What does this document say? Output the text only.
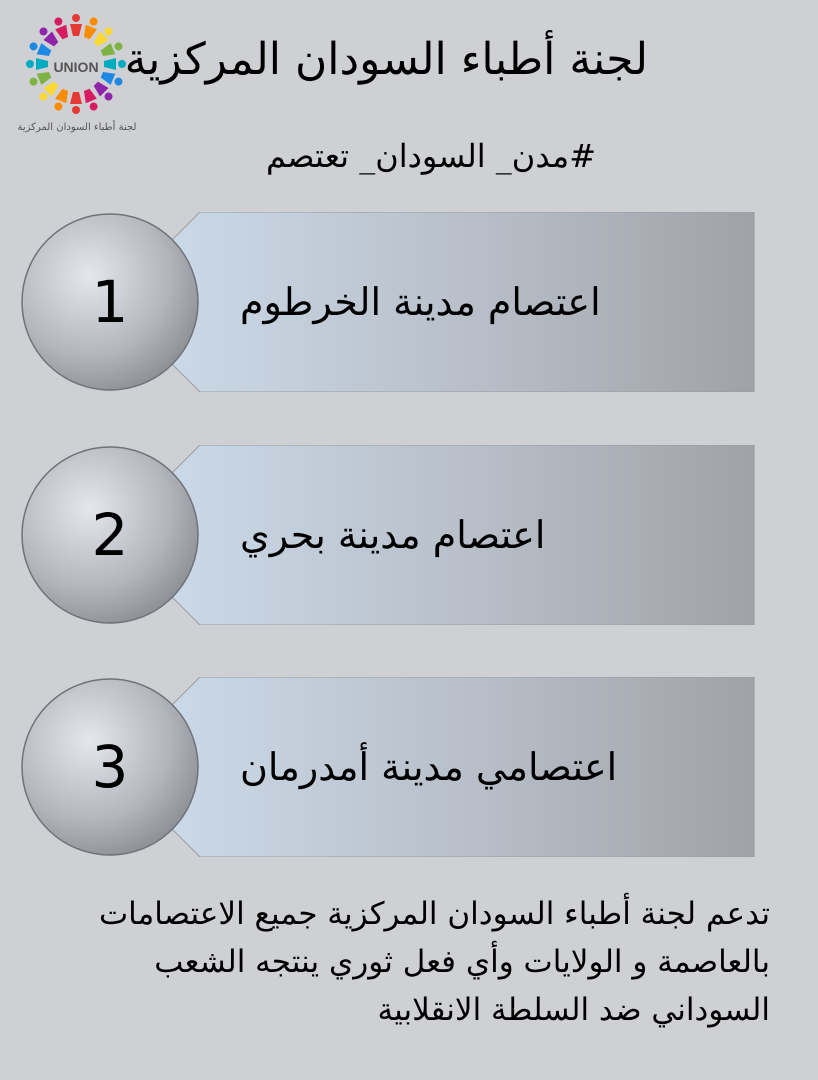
UNION
لجنة أطباء السودان المركزية
لجنة أطباء السودان المركزية
#مدن_ السودان_ تعتصم
1	اعتصام مدينة الخرطوم
2	اعتصام مدينة بحري
3	اعتصامي مدينة أمدرمان
تدعم لجنة أطباء السودان المركزية جميع الاعتصامات
بالعاصمة و الولايات وأي فعل ثوري ينتجه الشعب
السوداني ضد السلطة الانقلابية
